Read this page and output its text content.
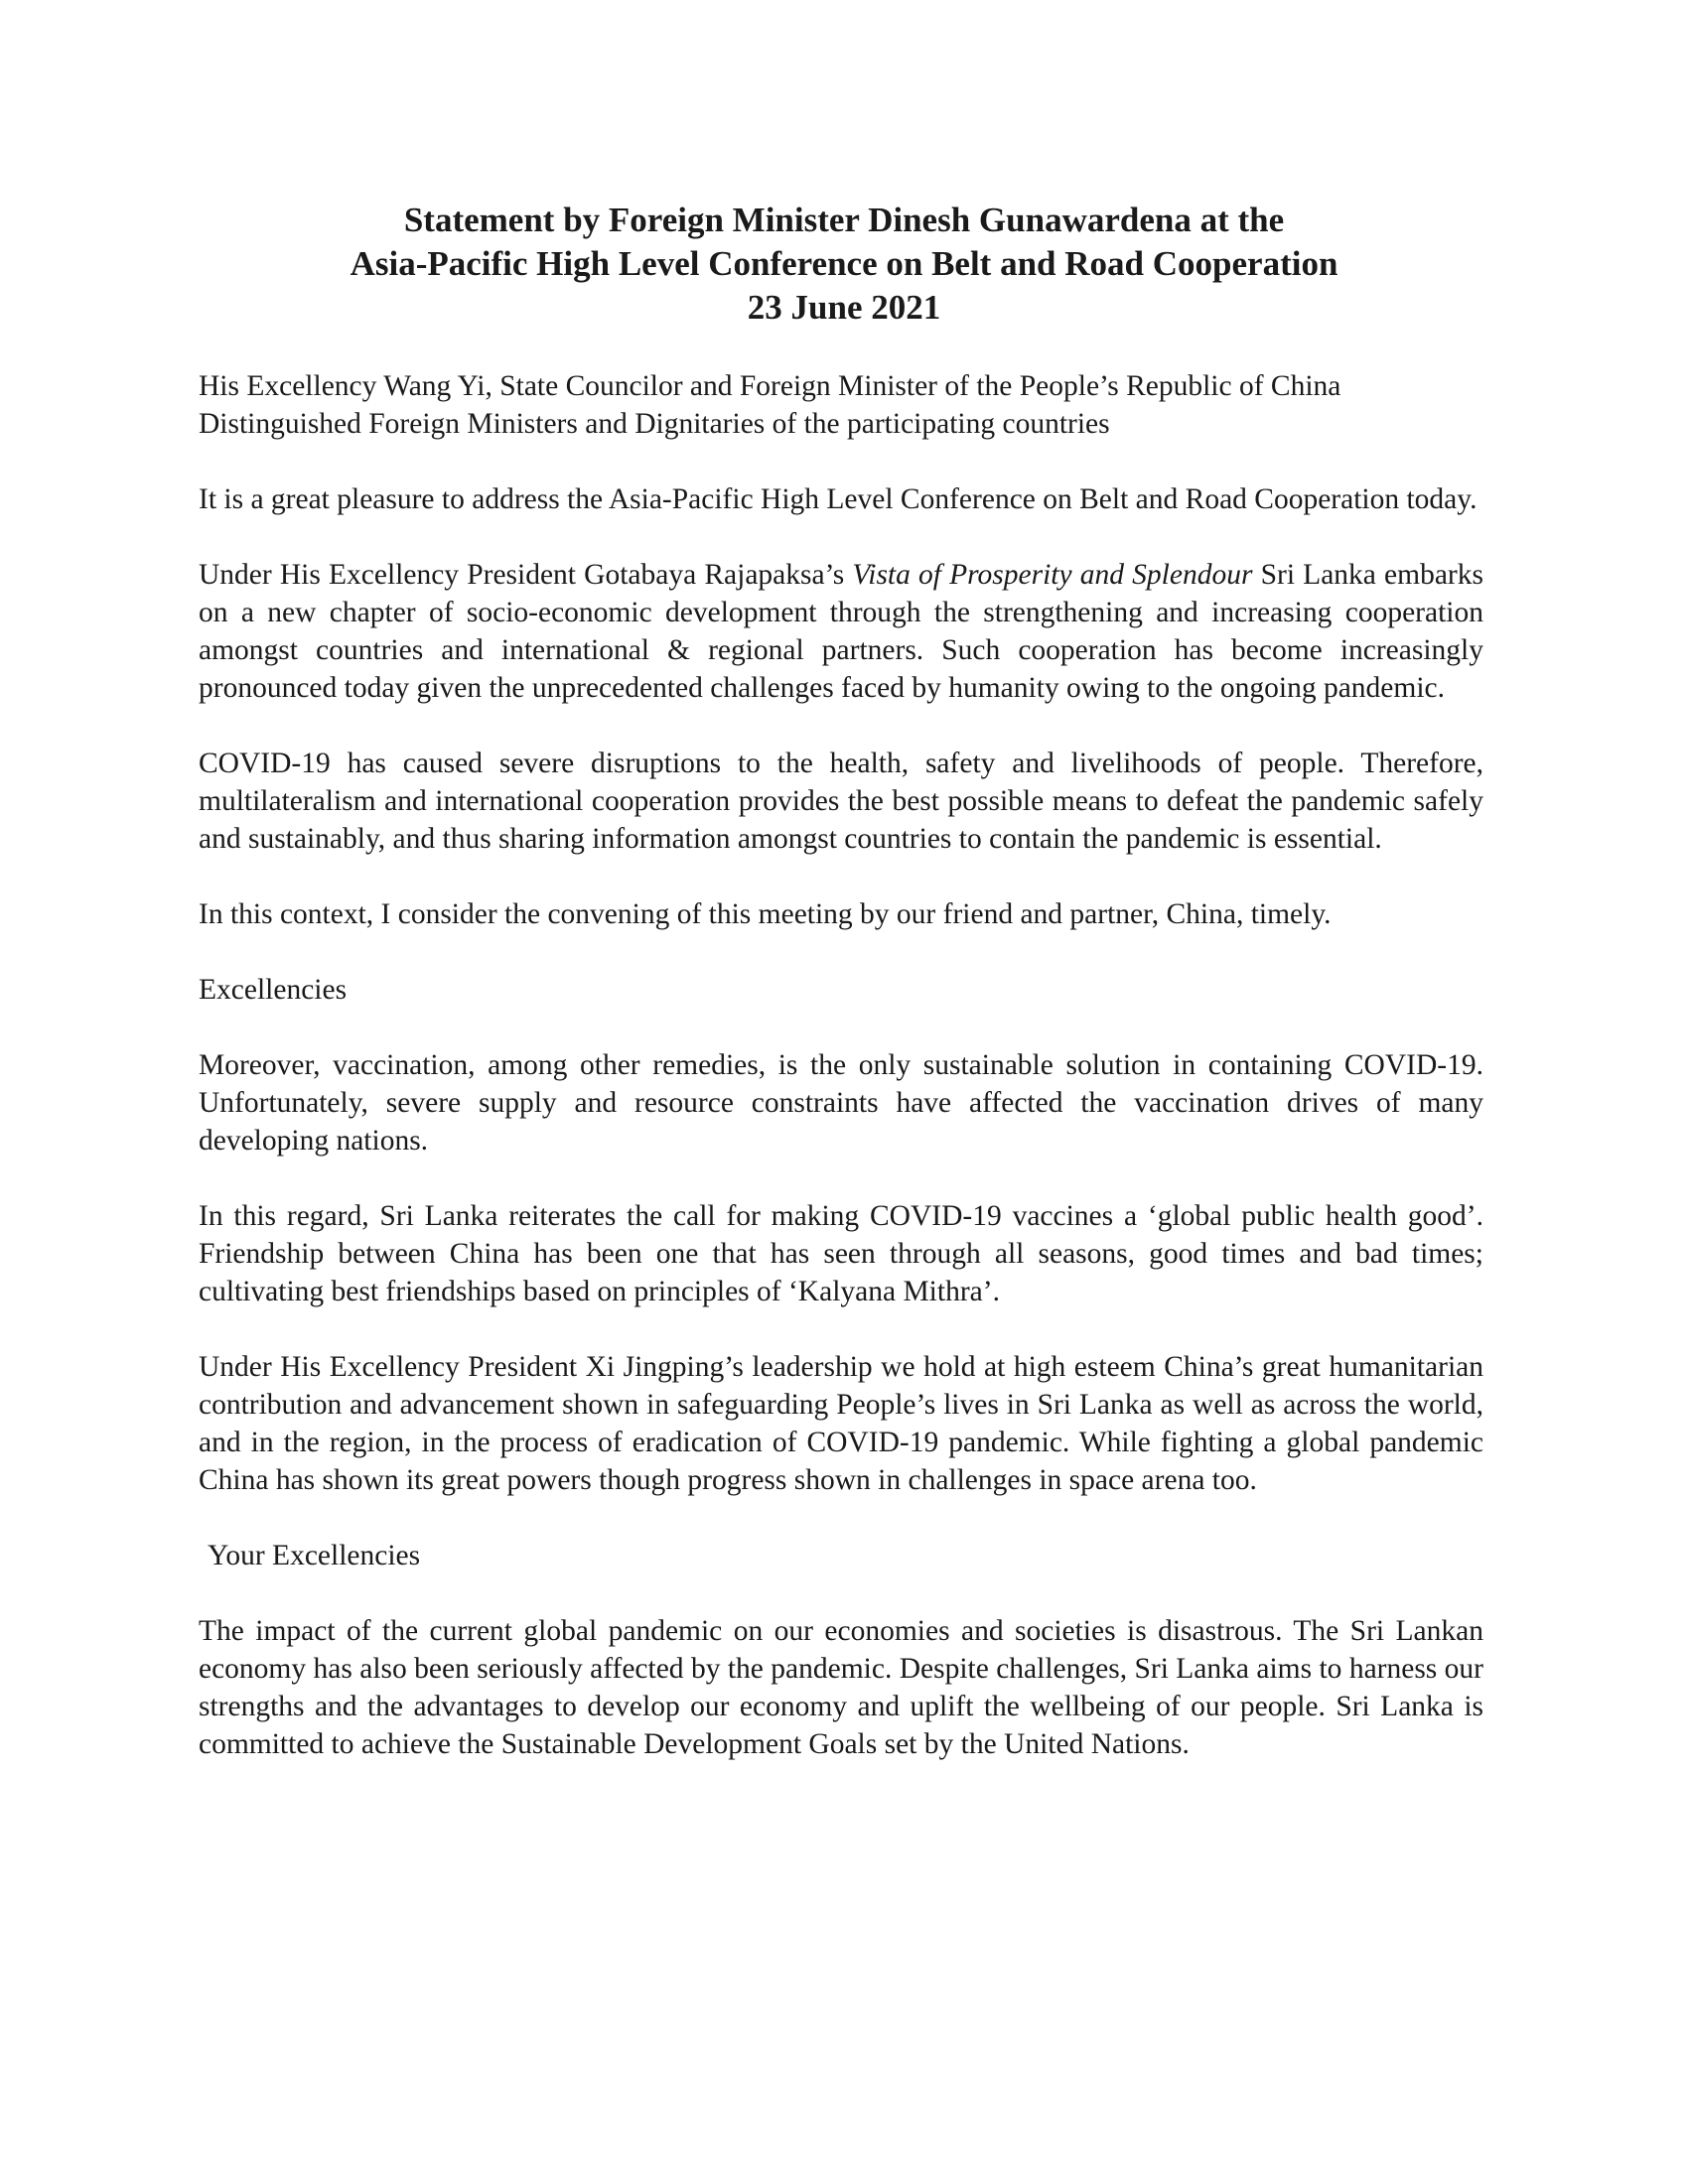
Statement by Foreign Minister Dinesh Gunawardena at the
Asia-Pacific High Level Conference on Belt and Road Cooperation
23 June 2021

His Excellency Wang Yi, State Councilor and Foreign Minister of the People’s Republic of China
Distinguished Foreign Ministers and Dignitaries of the participating countries

It is a great pleasure to address the Asia-Pacific High Level Conference on Belt and Road Cooperation today.

Under His Excellency President Gotabaya Rajapaksa’s Vista of Prosperity and Splendour Sri Lanka embarks on a new chapter of socio-economic development through the strengthening and increasing cooperation amongst countries and international & regional partners. Such cooperation has become increasingly pronounced today given the unprecedented challenges faced by humanity owing to the ongoing pandemic.

COVID-19 has caused severe disruptions to the health, safety and livelihoods of people. Therefore, multilateralism and international cooperation provides the best possible means to defeat the pandemic safely and sustainably, and thus sharing information amongst countries to contain the pandemic is essential.

In this context, I consider the convening of this meeting by our friend and partner, China, timely.

Excellencies

Moreover, vaccination, among other remedies, is the only sustainable solution in containing COVID-19. Unfortunately, severe supply and resource constraints have affected the vaccination drives of many developing nations.

In this regard, Sri Lanka reiterates the call for making COVID-19 vaccines a ‘global public health good’. Friendship between China has been one that has seen through all seasons, good times and bad times; cultivating best friendships based on principles of ‘Kalyana Mithra’.

Under His Excellency President Xi Jingping’s leadership we hold at high esteem China’s great humanitarian contribution and advancement shown in safeguarding People’s lives in Sri Lanka as well as across the world, and in the region, in the process of eradication of COVID-19 pandemic. While fighting a global pandemic China has shown its great powers though progress shown in challenges in space arena too.

Your Excellencies

The impact of the current global pandemic on our economies and societies is disastrous. The Sri Lankan economy has also been seriously affected by the pandemic. Despite challenges, Sri Lanka aims to harness our strengths and the advantages to develop our economy and uplift the wellbeing of our people. Sri Lanka is committed to achieve the Sustainable Development Goals set by the United Nations.
